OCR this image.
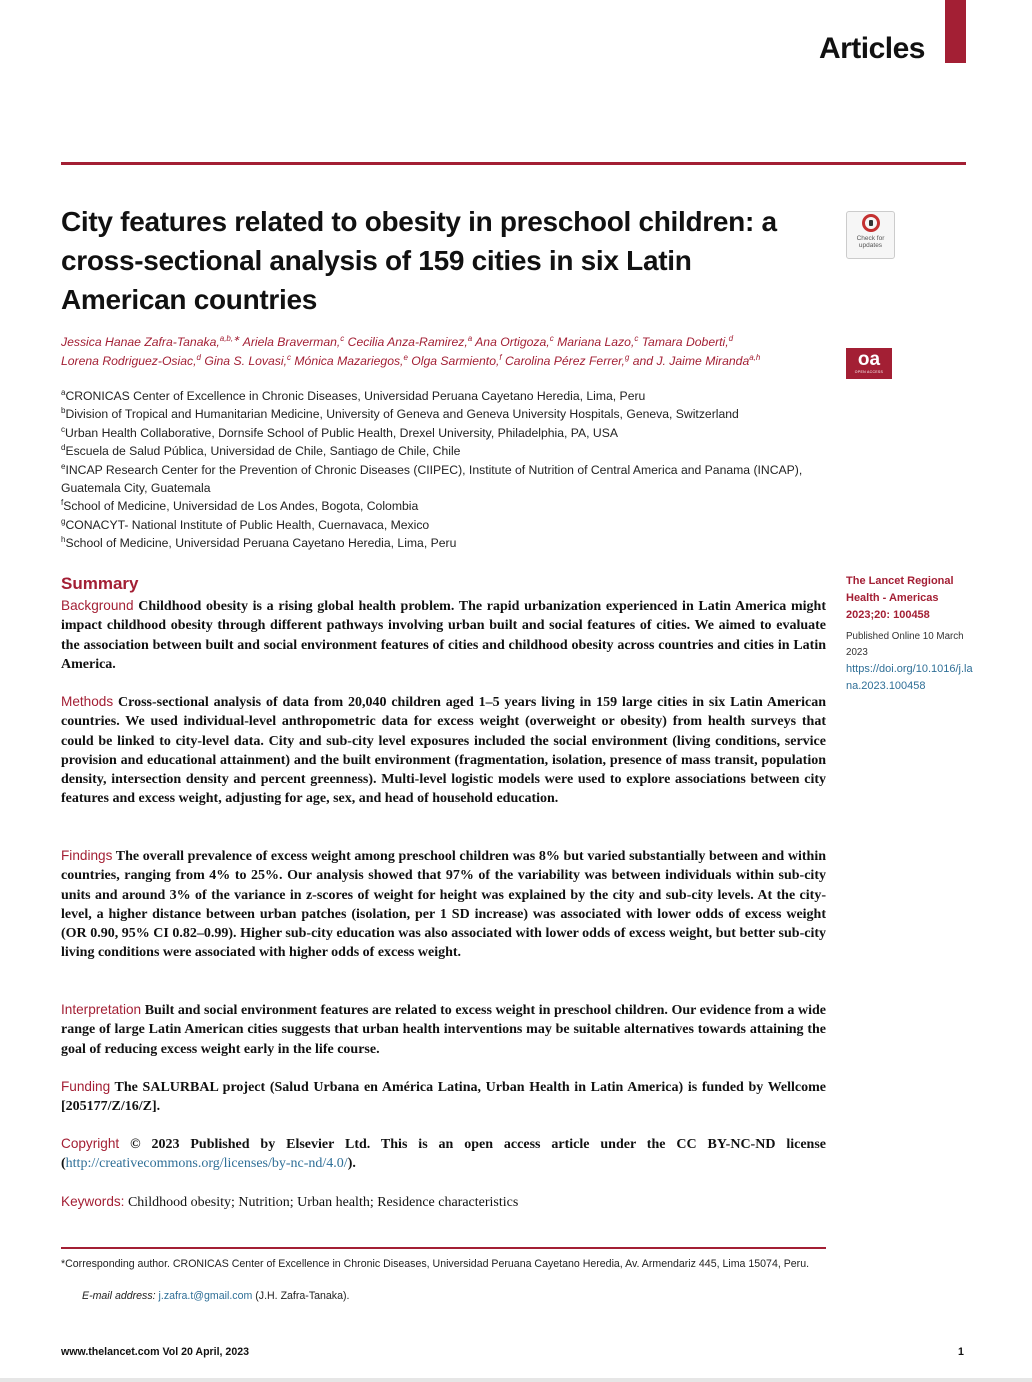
Articles
City features related to obesity in preschool children: a cross-sectional analysis of 159 cities in six Latin American countries
Check for updates
oa
OPEN ACCESS
Jessica Hanae Zafra-Tanaka,$^{a,b,∗}$ Ariela Braverman,$^c$ Cecilia Anza-Ramirez,$^a$ Ana Ortigoza,$^c$ Mariana Lazo,$^c$ Tamara Doberti,$^d$
Lorena Rodriguez-Osiac,$^d$ Gina S. Lovasi,$^c$ Mónica Mazariegos,$^e$ Olga Sarmiento,$^f$ Carolina Pérez Ferrer,$^g$ and J. Jaime Miranda$^{a,h}$
$^a$CRONICAS Center of Excellence in Chronic Diseases, Universidad Peruana Cayetano Heredia, Lima, Peru
$^b$Division of Tropical and Humanitarian Medicine, University of Geneva and Geneva University Hospitals, Geneva, Switzerland
$^c$Urban Health Collaborative, Dornsife School of Public Health, Drexel University, Philadelphia, PA, USA
$^d$Escuela de Salud Pública, Universidad de Chile, Santiago de Chile, Chile
$^e$INCAP Research Center for the Prevention of Chronic Diseases (CIIPEC), Institute of Nutrition of Central America and Panama (INCAP), Guatemala City, Guatemala
$^f$School of Medicine, Universidad de Los Andes, Bogota, Colombia
$^g$CONACYT- National Institute of Public Health, Cuernavaca, Mexico
$^h$School of Medicine, Universidad Peruana Cayetano Heredia, Lima, Peru
Summary
Background Childhood obesity is a rising global health problem. The rapid urbanization experienced in Latin America might impact childhood obesity through different pathways involving urban built and social features of cities. We aimed to evaluate the association between built and social environment features of cities and childhood obesity across countries and cities in Latin America.
Methods Cross-sectional analysis of data from 20,040 children aged 1–5 years living in 159 large cities in six Latin American countries. We used individual-level anthropometric data for excess weight (overweight or obesity) from health surveys that could be linked to city-level data. City and sub-city level exposures included the social environment (living conditions, service provision and educational attainment) and the built environment (fragmentation, isolation, presence of mass transit, population density, intersection density and percent greenness). Multi-level logistic models were used to explore associations between city features and excess weight, adjusting for age, sex, and head of household education.
Findings The overall prevalence of excess weight among preschool children was 8% but varied substantially between and within countries, ranging from 4% to 25%. Our analysis showed that 97% of the variability was between individuals within sub-city units and around 3% of the variance in z-scores of weight for height was explained by the city and sub-city levels. At the city-level, a higher distance between urban patches (isolation, per 1 SD increase) was associated with lower odds of excess weight (OR 0.90, 95% CI 0.82–0.99). Higher sub-city education was also associated with lower odds of excess weight, but better sub-city living conditions were associated with higher odds of excess weight.
Interpretation Built and social environment features are related to excess weight in preschool children. Our evidence from a wide range of large Latin American cities suggests that urban health interventions may be suitable alternatives towards attaining the goal of reducing excess weight early in the life course.
Funding The SALURBAL project (Salud Urbana en América Latina, Urban Health in Latin America) is funded by Wellcome [205177/Z/16/Z].
Copyright © 2023 Published by Elsevier Ltd. This is an open access article under the CC BY-NC-ND license (http://creativecommons.org/licenses/by-nc-nd/4.0/).
Keywords: Childhood obesity; Nutrition; Urban health; Residence characteristics
The Lancet Regional Health - Americas 2023;20: 100458
Published Online 10 March 2023
https://doi.org/10.1016/j.lana.2023.100458
*Corresponding author. CRONICAS Center of Excellence in Chronic Diseases, Universidad Peruana Cayetano Heredia, Av. Armendariz 445, Lima 15074, Peru.
E-mail address: j.zafra.t@gmail.com (J.H. Zafra-Tanaka).
www.thelancet.com Vol 20 April, 2023	1
